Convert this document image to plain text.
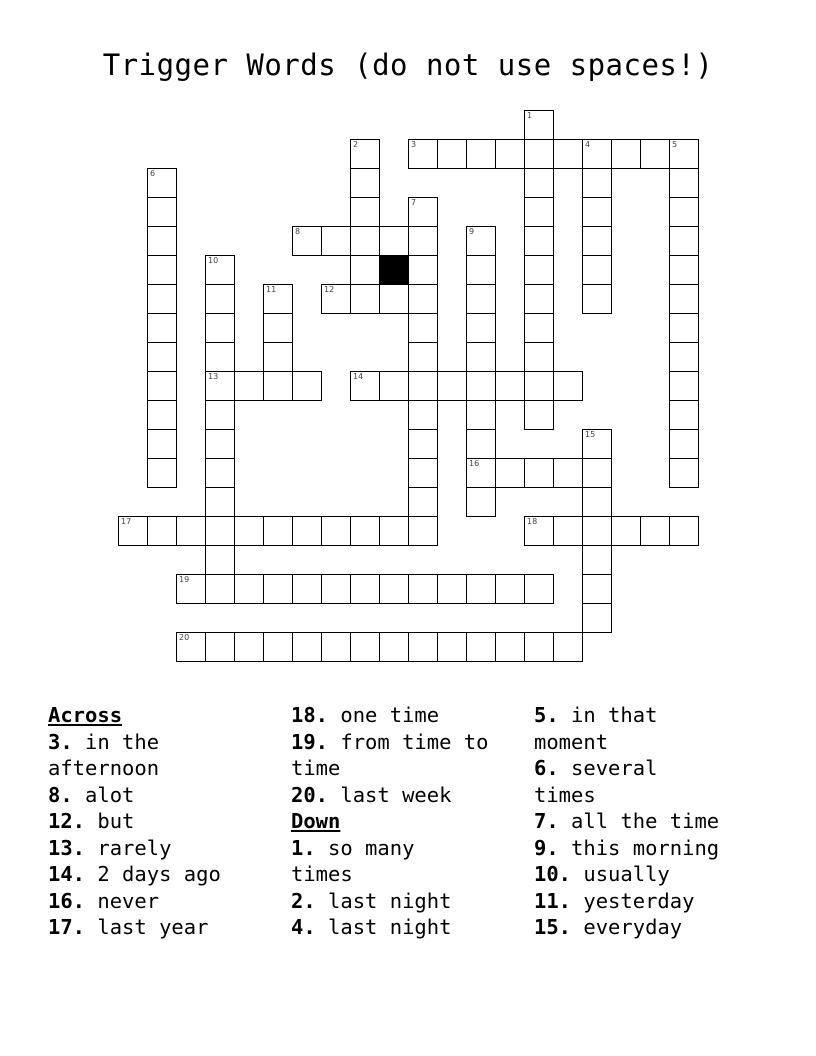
Trigger Words (do not use spaces!)
1
2	3	4	5
6
7
8	9
16
10
13
11	12
14
15
17	18
19
20
Across
3. in the
afternoon
8. alot
12. but
13. rarely
14. 2 days ago
16. never
17. last year
18. one time
19. from time to
time
20. last week
Down
1. so many
times
2. last night
4. last night
5. in that
moment
6. several
times
7. all the time
9. this morning
10. usually
11. yesterday
15. everyday
